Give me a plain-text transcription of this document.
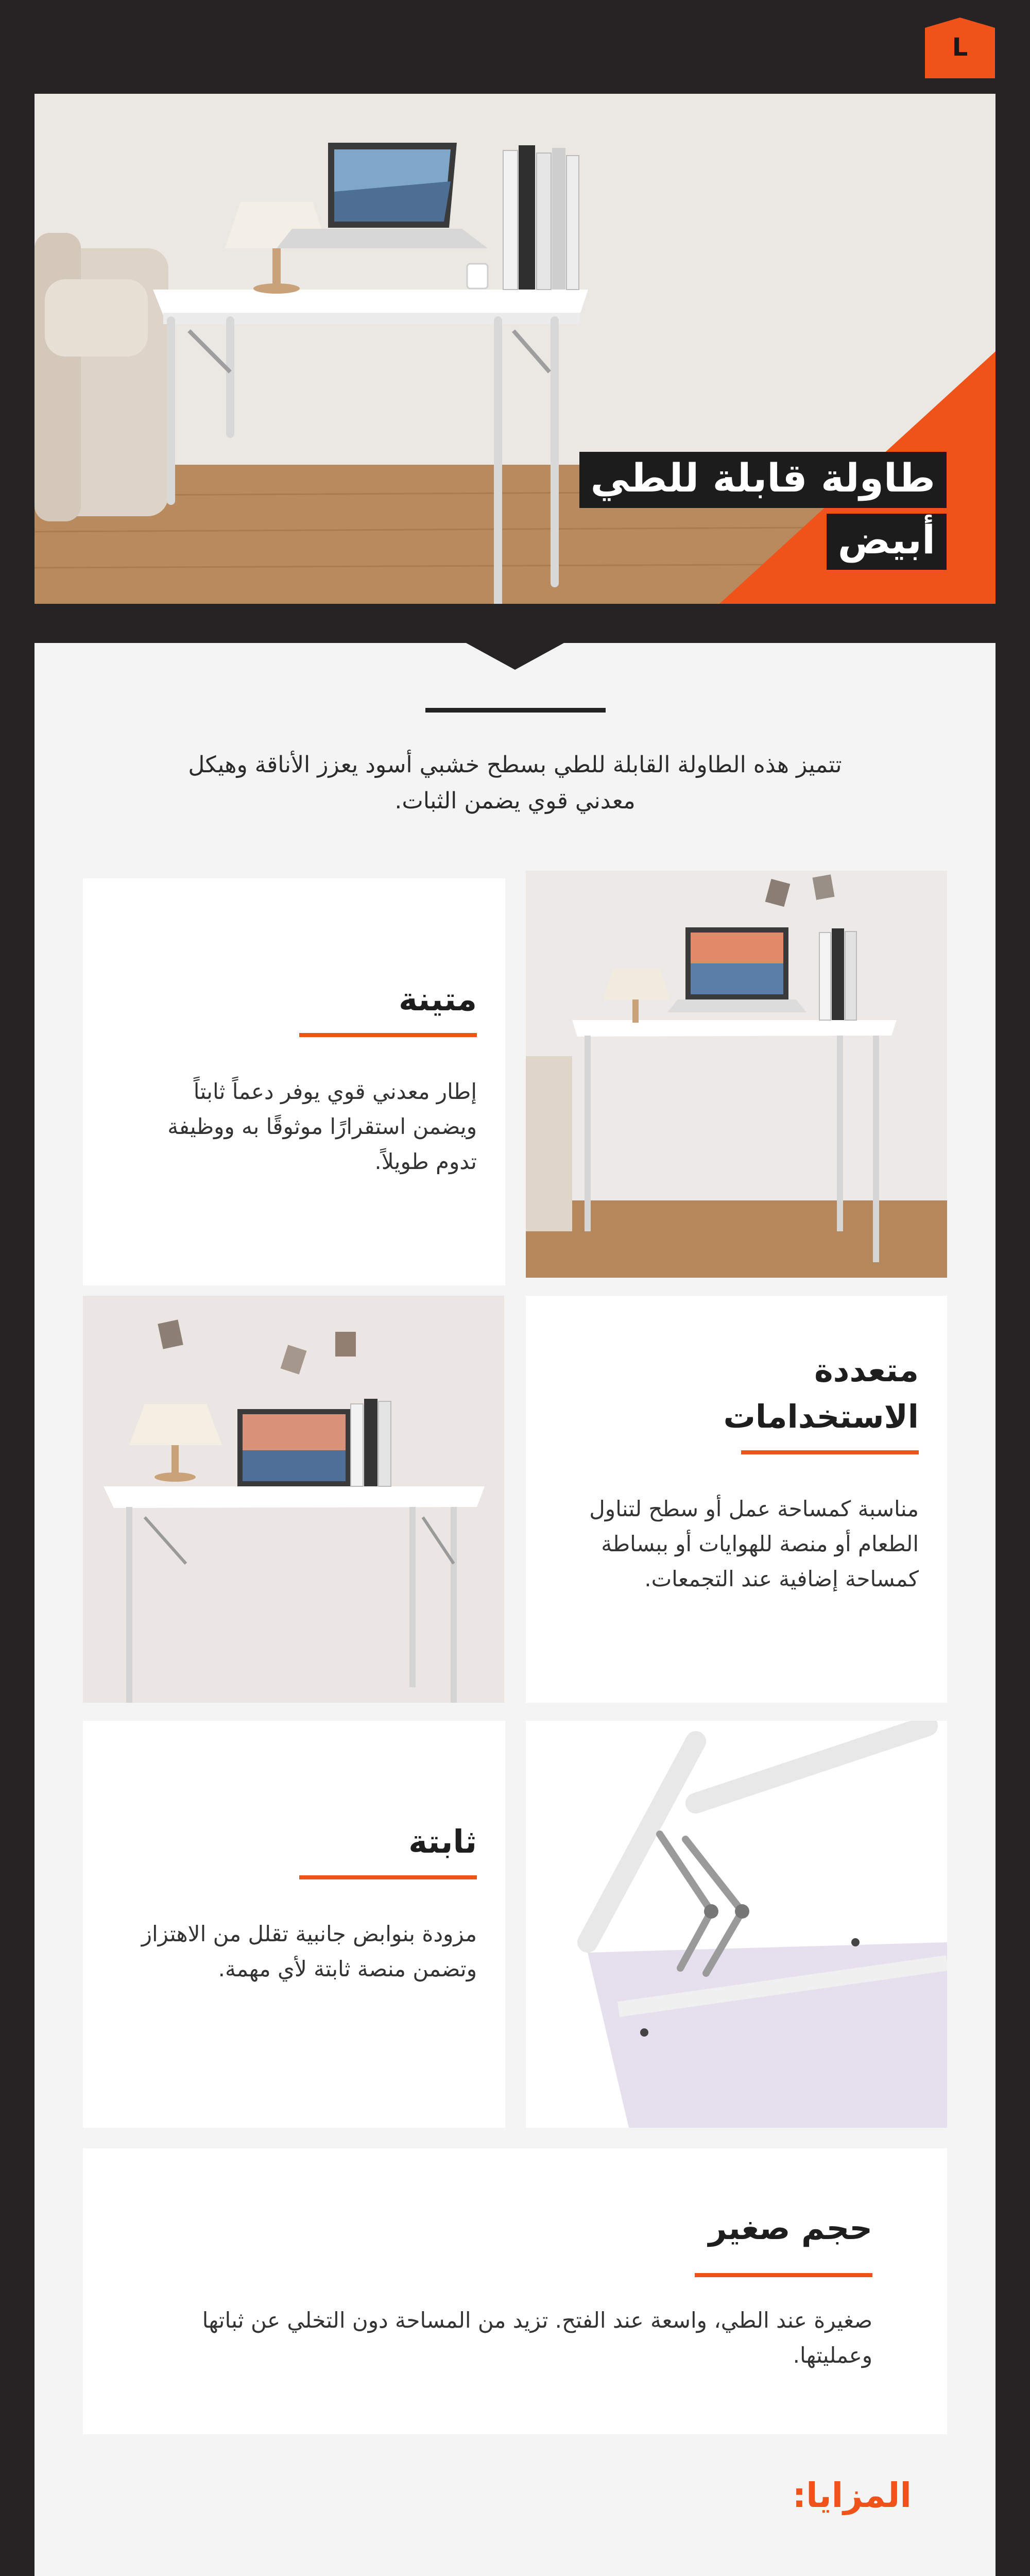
L
طاولة قابلة للطي
أبيض
تتميز هذه الطاولة القابلة للطي بسطح خشبي أسود يعزز الأناقة وهيكل معدني قوي يضمن الثبات.
متينة
إطار معدني قوي يوفر دعماً ثابتاً ويضمن استقرارًا موثوقًا به ووظيفة تدوم طويلاً.
متعددة الاستخدامات
مناسبة كمساحة عمل أو سطح لتناول الطعام أو منصة للهوايات أو ببساطة كمساحة إضافية عند التجمعات.
ثابتة
مزودة بنوابض جانبية تقلل من الاهتزاز وتضمن منصة ثابتة لأي مهمة.
حجم صغير
صغيرة عند الطي، واسعة عند الفتح. تزيد من المساحة دون التخلي عن ثباتها وعمليتها.
المزايا:
